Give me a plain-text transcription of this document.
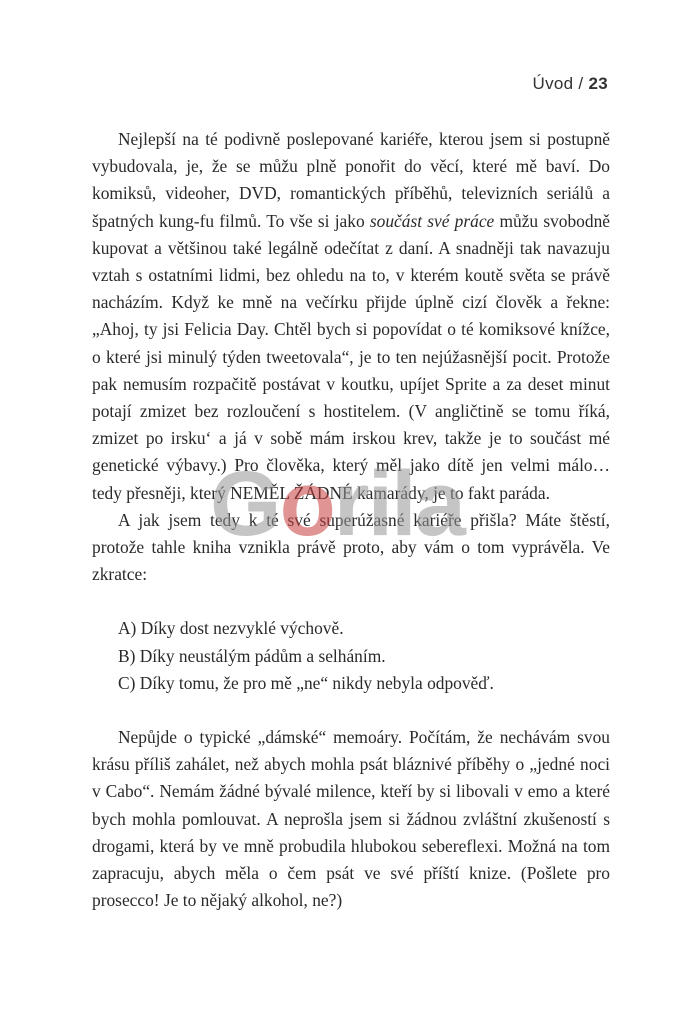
Úvod / 23

Nejlepší na té podivně poslepované kariéře, kterou jsem si postupně vybudovala, je, že se můžu plně ponořit do věcí, které mě baví. Do komiksů, videoher, DVD, romantických příběhů, televizních seriálů a špatných kung-fu filmů. To vše si jako součást své práce můžu svobodně kupovat a většinou také legálně odečítat z daní. A snadněji tak navazuju vztah s ostatními lidmi, bez ohledu na to, v kterém koutě světa se právě nacházím. Když ke mně na večírku přijde úplně cizí člověk a řekne: „Ahoj, ty jsi Felicia Day. Chtěl bych si popovídat o té komiksové knížce, o které jsi minulý týden tweetovala“, je to ten nejúžasnější pocit. Protože pak nemusím rozpačitě postávat v koutku, upíjet Sprite a za deset minut potají zmizet bez rozloučení s hostitelem. (V angličtině se tomu říká, zmizet po irsku‘ a já v sobě mám irskou krev, takže je to součást mé genetické výbavy.) Pro člověka, který měl jako dítě jen velmi málo… tedy přesněji, který NEMĚL ŽÁDNÉ kamarády, je to fakt paráda.

A jak jsem tedy k té své superúžasné kariéře přišla? Máte štěstí, protože tahle kniha vznikla právě proto, aby vám o tom vyprávěla. Ve zkratce:

A) Díky dost nezvyklé výchově.
B) Díky neustálým pádům a selháním.
C) Díky tomu, že pro mě „ne“ nikdy nebyla odpověď.

Nepůjde o typické „dámské“ memoáry. Počítám, že nechávám svou krásu příliš zahálet, než abych mohla psát bláznivé příběhy o „jedné noci v Cabo“. Nemám žádné bývalé milence, kteří by si libovali v emo a které bych mohla pomlouvat. A neprošla jsem si žádnou zvláštní zkušeností s drogami, která by ve mně probudila hlubokou sebereflexi. Možná na tom zapracuju, abych měla o čem psát ve své příští knize. (Pošlete pro prosecco! Je to nějaký alkohol, ne?)

Gorila
